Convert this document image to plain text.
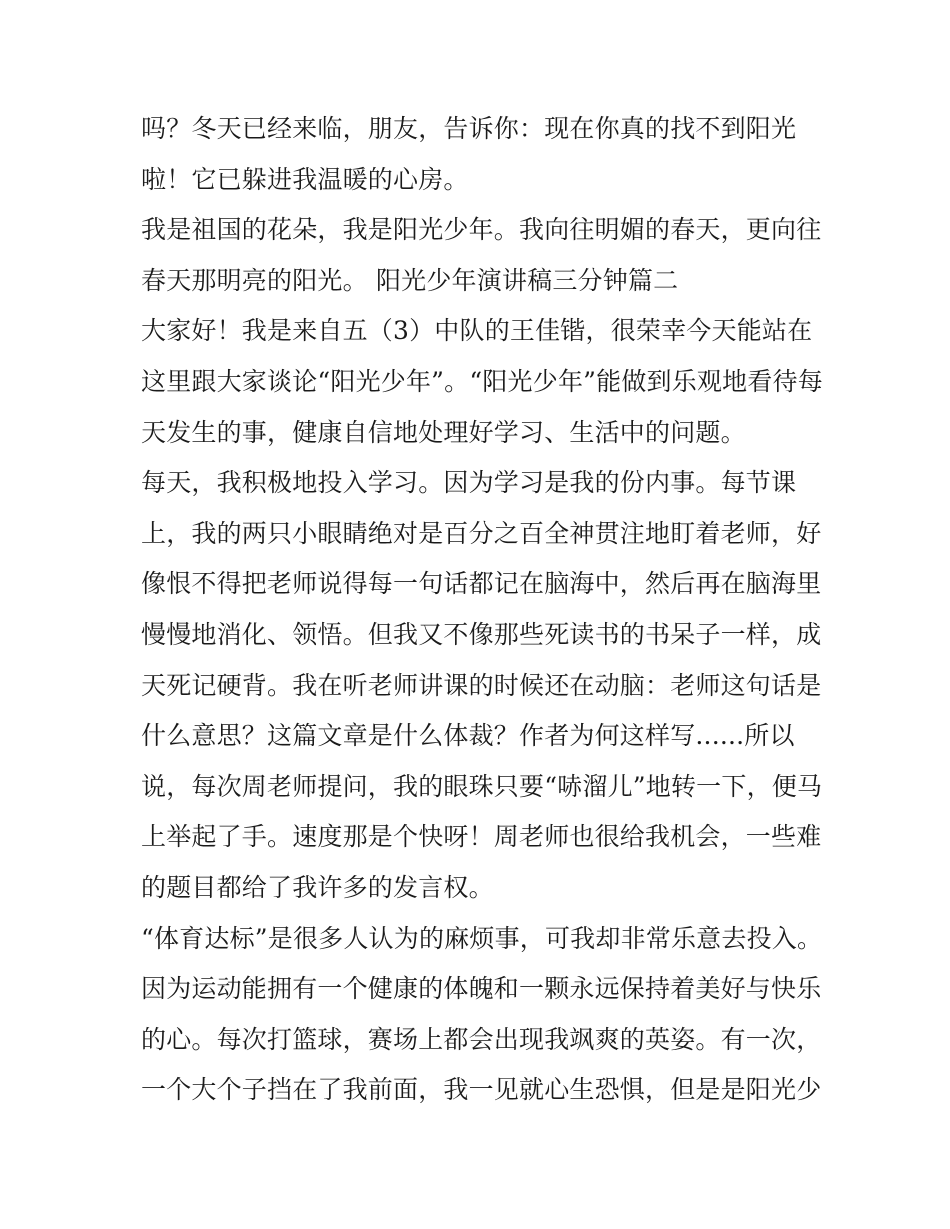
吗？冬天已经来临，朋友，告诉你：现在你真的找不到阳光
啦！它已躲进我温暖的心房。
我是祖国的花朵，我是阳光少年。我向往明媚的春天，更向往
春天那明亮的阳光。 阳光少年演讲稿三分钟篇二
大家好！我是来自五（3）中队的王佳锴，很荣幸今天能站在
这里跟大家谈论“阳光少年”。“阳光少年”能做到乐观地看待每
天发生的事，健康自信地处理好学习、生活中的问题。
每天，我积极地投入学习。因为学习是我的份内事。每节课
上，我的两只小眼睛绝对是百分之百全神贯注地盯着老师，好
像恨不得把老师说得每一句话都记在脑海中，然后再在脑海里
慢慢地消化、领悟。但我又不像那些死读书的书呆子一样，成
天死记硬背。我在听老师讲课的时候还在动脑：老师这句话是
什么意思？这篇文章是什么体裁？作者为何这样写......所以
说，每次周老师提问，我的眼珠只要“哧溜儿”地转一下，便马
上举起了手。速度那是个快呀！周老师也很给我机会，一些难
的题目都给了我许多的发言权。
“体育达标”是很多人认为的麻烦事，可我却非常乐意去投入。
因为运动能拥有一个健康的体魄和一颗永远保持着美好与快乐
的心。每次打篮球，赛场上都会出现我飒爽的英姿。有一次，
一个大个子挡在了我前面，我一见就心生恐惧，但是是阳光少
